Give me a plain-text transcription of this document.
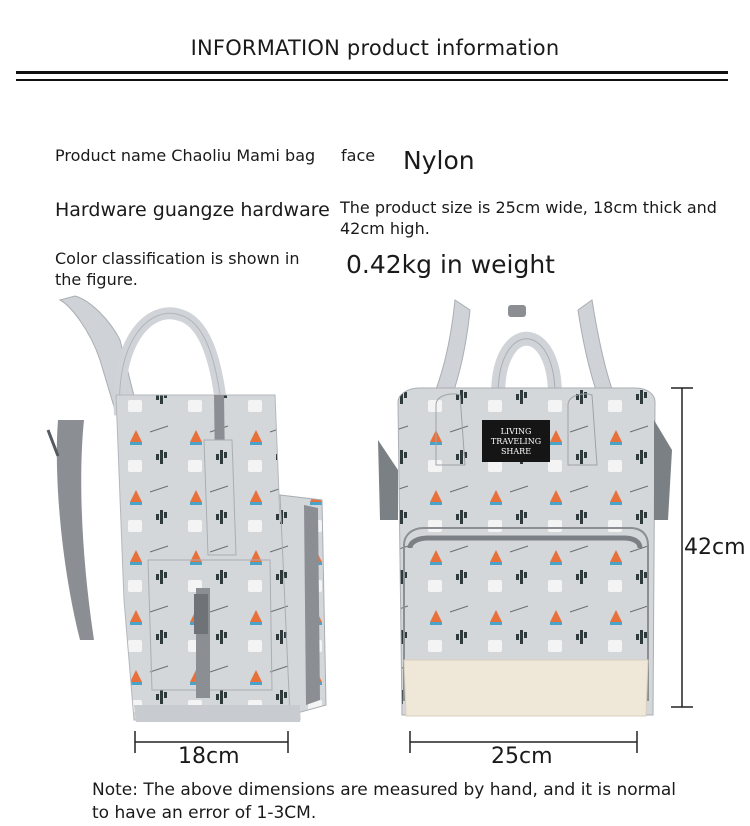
INFORMATION product information
Product name Chaoliu Mami bag face Nylon
Hardware guangze hardware The product size is 25cm wide, 18cm thick and 42cm high.
Color classification is shown in the figure.
0.42kg in weight
LIVING
TRAVELING
SHARE
18cm	25cm
42cm
Note: The above dimensions are measured by hand, and it is normal to have an error of 1-3CM.
